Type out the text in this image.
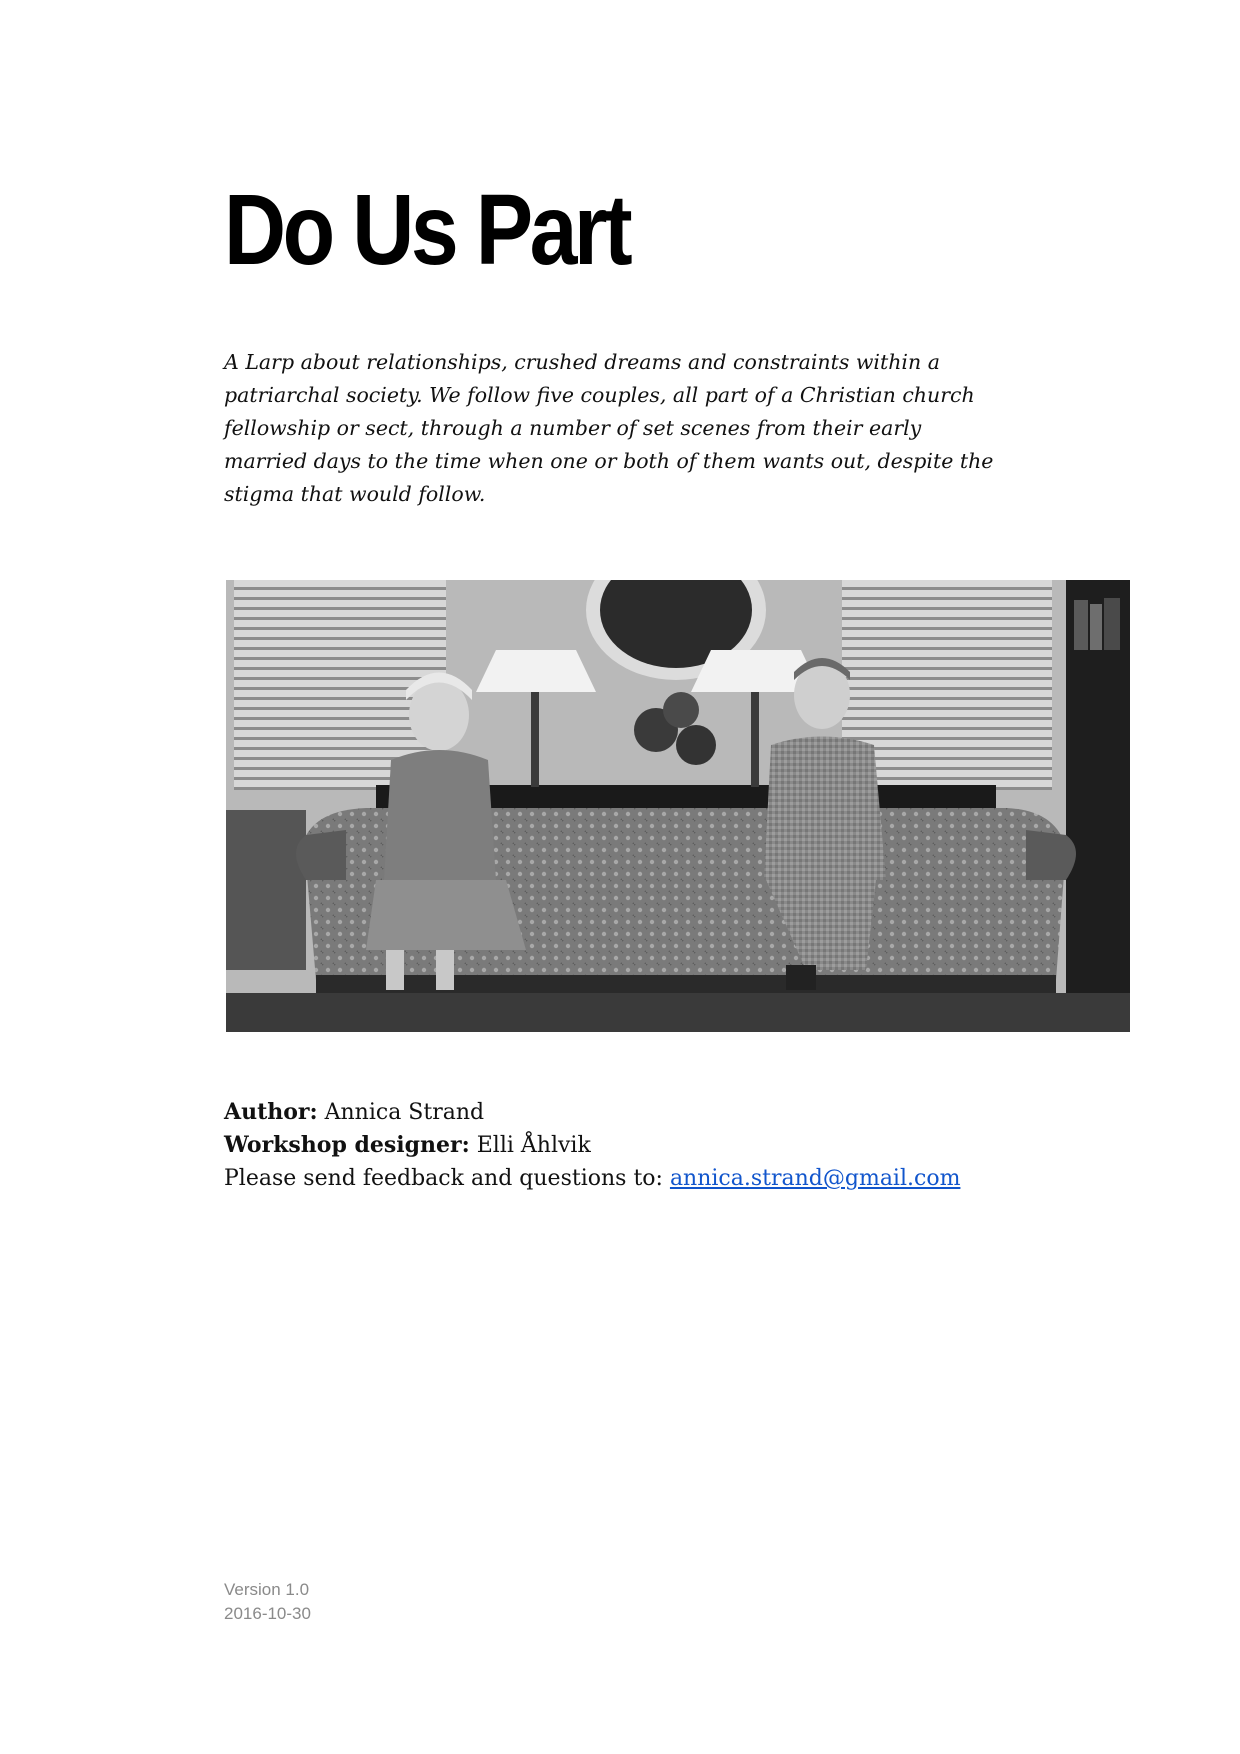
Do Us Part

A Larp about relationships, crushed dreams and constraints within a patriarchal society. We follow five couples, all part of a Christian church fellowship or sect, through a number of set scenes from their early married days to the time when one or both of them wants out, despite the stigma that would follow.

Author: Annica Strand
Workshop designer: Elli Åhlvik
Please send feedback and questions to: annica.strand@gmail.com
Version 1.0
2016-10-30
